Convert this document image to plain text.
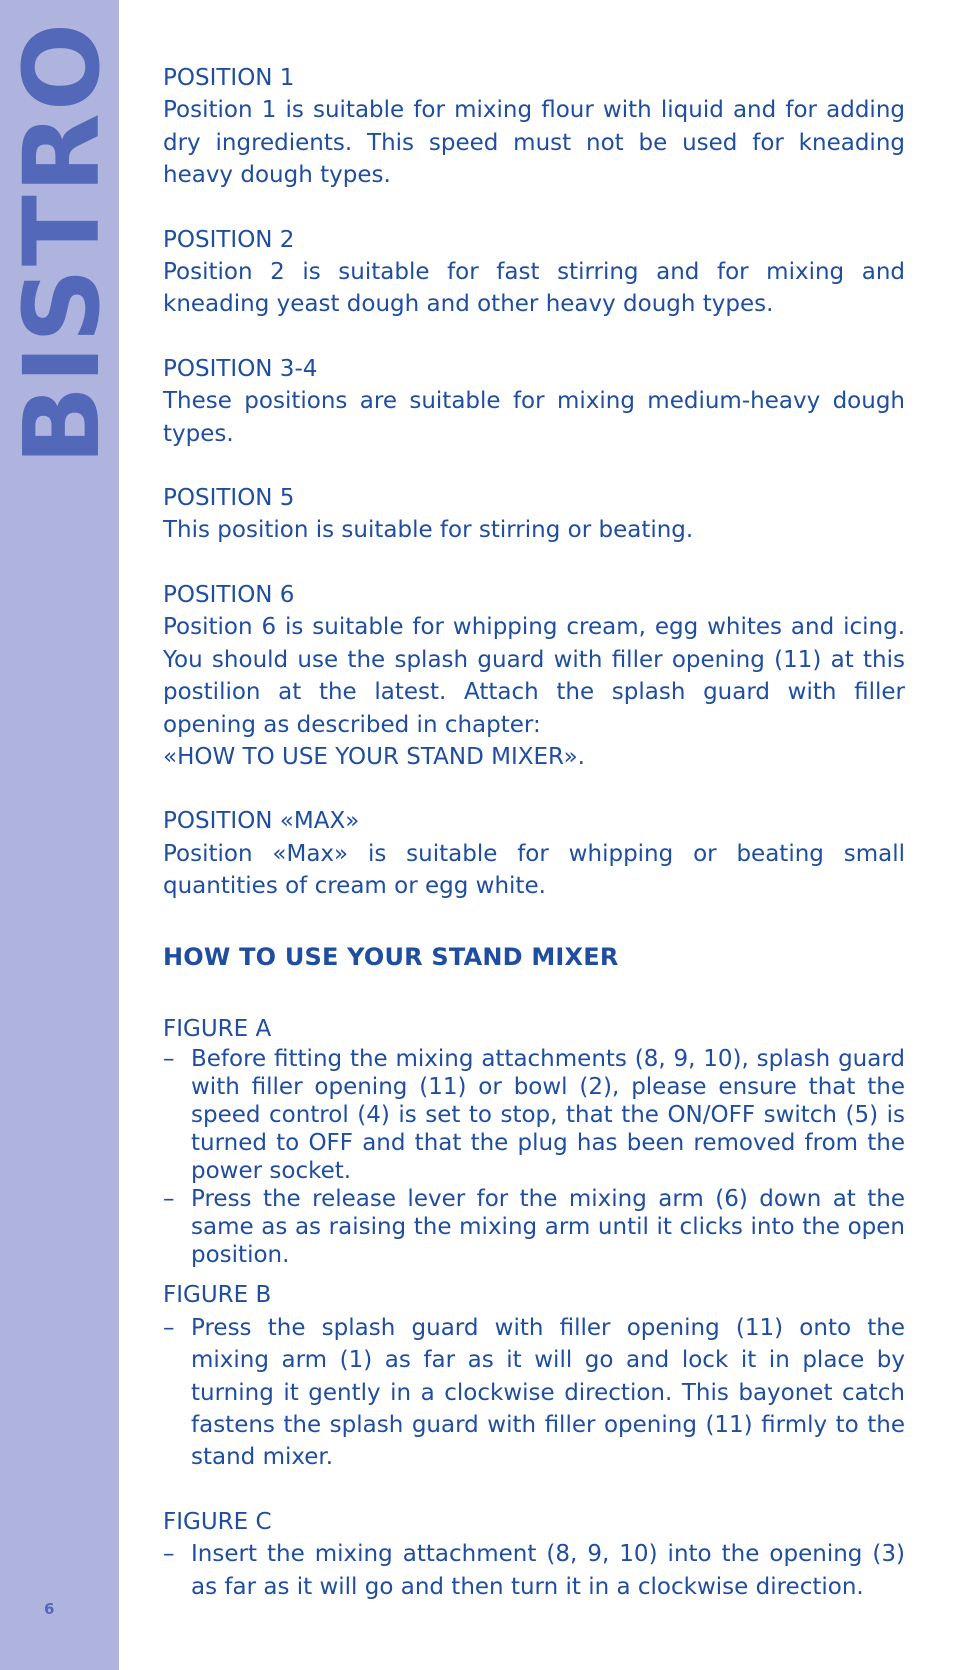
BISTRO
6
POSITION 1
Position 1 is suitable for mixing flour with liquid and for adding dry ingredients. This speed must not be used for kneading heavy dough types.
POSITION 2
Position 2 is suitable for fast stirring and for mixing and kneading yeast dough and other heavy dough types.
POSITION 3-4
These positions are suitable for mixing medium-heavy dough types.
POSITION 5
This position is suitable for stirring or beating.
POSITION 6
Position 6 is suitable for whipping cream, egg whites and icing. You should use the splash guard with filler opening (11) at this postilion at the latest. Attach the splash guard with filler opening as described in chapter:
«HOW TO USE YOUR STAND MIXER».
POSITION «MAX»
Position «Max» is suitable for whipping or beating small quantities of cream or egg white.
HOW TO USE YOUR STAND MIXER
FIGURE A
– Before fitting the mixing attachments (8, 9, 10), splash guard with filler opening (11) or bowl (2), please ensure that the speed control (4) is set to stop, that the ON/OFF switch (5) is turned to OFF and that the plug has been removed from the power socket.
– Press the release lever for the mixing arm (6) down at the same as as raising the mixing arm until it clicks into the open position.
FIGURE B
– Press the splash guard with filler opening (11) onto the mixing arm (1) as far as it will go and lock it in place by turning it gently in a clockwise direction. This bayonet catch fastens the splash guard with filler opening (11) firmly to the stand mixer.
FIGURE C
– Insert the mixing attachment (8, 9, 10) into the opening (3) as far as it will go and then turn it in a clockwise direction.
